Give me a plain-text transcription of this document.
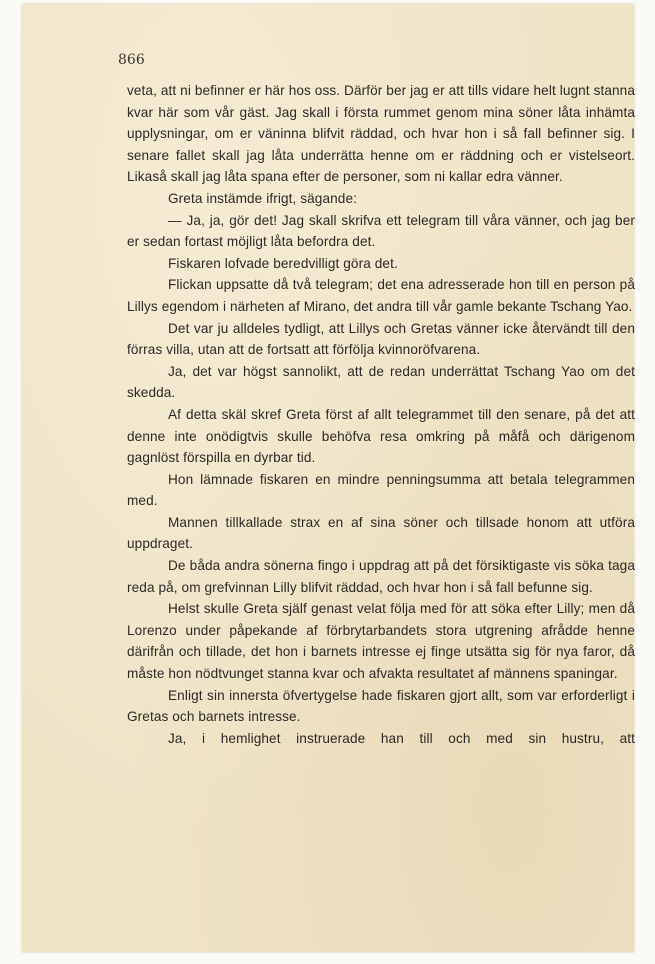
866

veta, att ni befinner er här hos oss. Därför ber jag er att tills vidare helt lugnt stanna kvar här som vår gäst. Jag skall i första rummet genom mina söner låta inhämta upplysningar, om er väninna blifvit räddad, och hvar hon i så fall befinner sig. I senare fallet skall jag låta underrätta henne om er räddning och er vistelseort. Likaså skall jag låta spana efter de personer, som ni kallar edra vänner.

Greta instämde ifrigt, sägande:

— Ja, ja, gör det! Jag skall skrifva ett telegram till våra vänner, och jag ber er sedan fortast möjligt låta befordra det.

Fiskaren lofvade beredvilligt göra det.

Flickan uppsatte då två telegram; det ena adresserade hon till en person på Lillys egendom i närheten af Mirano, det andra till vår gamle bekante Tschang Yao.

Det var ju alldeles tydligt, att Lillys och Gretas vänner icke återvändt till den förras villa, utan att de fortsatt att förfölja kvinnoröfvarena.

Ja, det var högst sannolikt, att de redan underrättat Tschang Yao om det skedda.

Af detta skäl skref Greta först af allt telegrammet till den senare, på det att denne inte onödigtvis skulle behöfva resa omkring på måfå och därigenom gagnlöst förspilla en dyrbar tid.

Hon lämnade fiskaren en mindre penningsumma att betala telegrammen med.

Mannen tillkallade strax en af sina söner och tillsade honom att utföra uppdraget.

De båda andra sönerna fingo i uppdrag att på det försiktigaste vis söka taga reda på, om grefvinnan Lilly blifvit räddad, och hvar hon i så fall befunne sig.

Helst skulle Greta själf genast velat följa med för att söka efter Lilly; men då Lorenzo under påpekande af förbrytarbandets stora utgrening afrådde henne därifrån och tillade, det hon i barnets intresse ej finge utsätta sig för nya faror, då måste hon nödtvunget stanna kvar och afvakta resultatet af männens spaningar.

Enligt sin innersta öfvertygelse hade fiskaren gjort allt, som var erforderligt i Gretas och barnets intresse.

Ja, i hemlighet instruerade han till och med sin hustru, att
